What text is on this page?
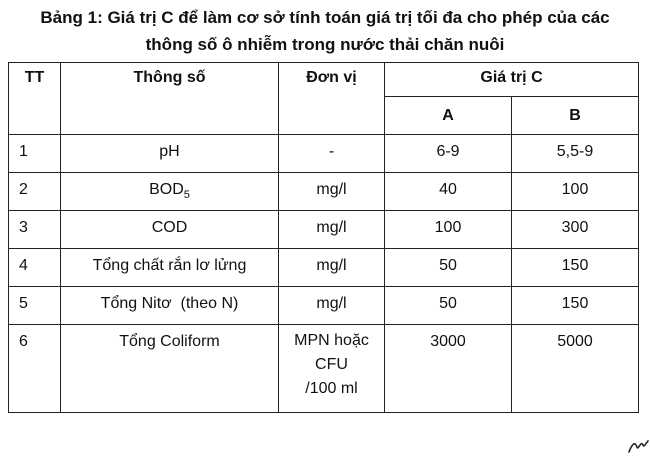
Bảng 1: Giá trị C để làm cơ sở tính toán giá trị tối đa cho phép của các
thông số ô nhiễm trong nước thải chăn nuôi
TT	Thông số	Đơn vị	Giá trị C	
			A	B
1	pH	-	6-9	5,5-9
2	$BOD_5$	mg/l	40	100
3	COD	mg/l	100	300
4	Tổng chất rắn lơ lửng	mg/l	50	150
5	Tổng Nitơ  (theo N)	mg/l	50	150
6	Tổng Coliform	MPN hoặc
CFU
/100 ml	3000	5000
